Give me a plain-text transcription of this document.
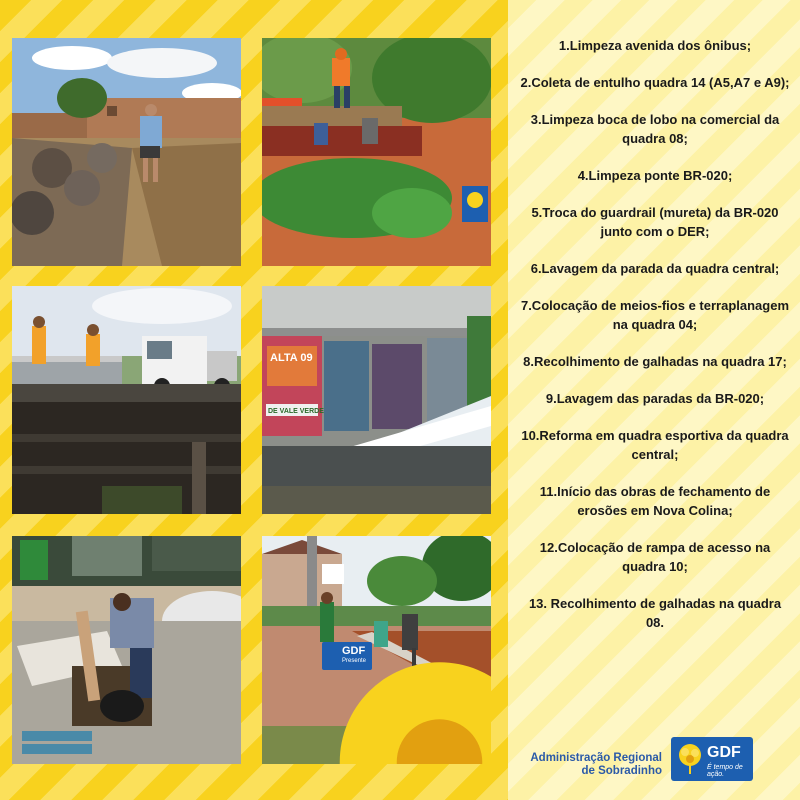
ALTA 09
DE VALE VERDE
GDF
Presente
1.Limpeza avenida dos ônibus;
2.Coleta de entulho quadra 14 (A5,A7 e A9);
3.Limpeza boca de lobo na comercial da quadra 08;
4.Limpeza ponte BR-020;
5.Troca do guardrail (mureta) da BR-020 junto com o DER;
6.Lavagem da parada da quadra central;
7.Colocação de meios-fios e terraplanagem na quadra 04;
8.Recolhimento de galhadas na quadra 17;
9.Lavagem das paradas da BR-020;
10.Reforma em quadra esportiva da quadra central;
11.Início das obras de fechamento de erosões em Nova Colina;
12.Colocação de rampa de acesso na quadra 10;
13. Recolhimento de galhadas na quadra 08.
Administração Regional
de Sobradinho
GDF
É tempo de ação.
